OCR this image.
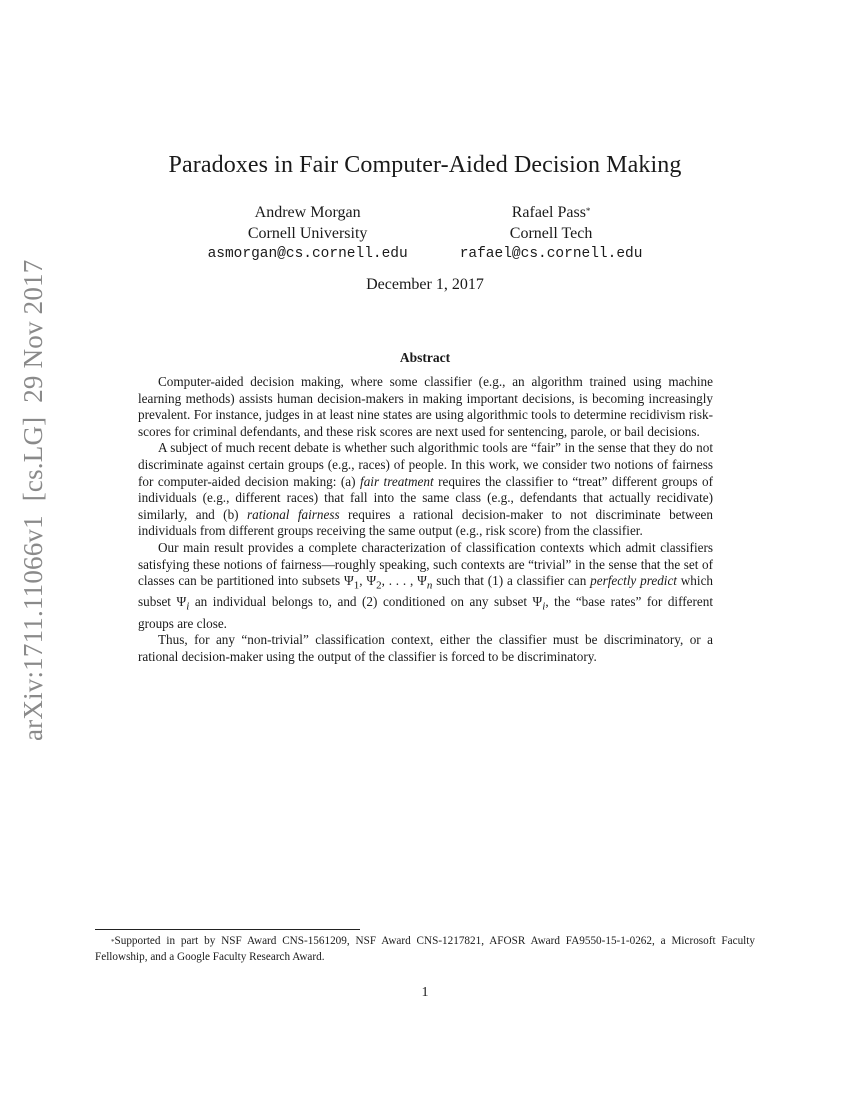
arXiv:1711.11066v1  [cs.LG]  29 Nov 2017
Paradoxes in Fair Computer-Aided Decision Making
Andrew Morgan
Cornell University
asmorgan@cs.cornell.edu
Rafael Pass*
Cornell Tech
rafael@cs.cornell.edu
December 1, 2017
Abstract

Computer-aided decision making, where some classifier (e.g., an algorithm trained using machine learning methods) assists human decision-makers in making important decisions, is becoming increasingly prevalent. For instance, judges in at least nine states are using algorithmic tools to determine recidivism risk-scores for criminal defendants, and these risk scores are next used for sentencing, parole, or bail decisions.

A subject of much recent debate is whether such algorithmic tools are “fair” in the sense that they do not discriminate against certain groups (e.g., races) of people. In this work, we consider two notions of fairness for computer-aided decision making: (a) fair treatment requires the classifier to “treat” different groups of individuals (e.g., different races) that fall into the same class (e.g., defendants that actually recidivate) similarly, and (b) rational fairness requires a rational decision-maker to not discriminate between individuals from different groups receiving the same output (e.g., risk score) from the classifier.

Our main result provides a complete characterization of classification contexts which admit classifiers satisfying these notions of fairness—roughly speaking, such contexts are “trivial” in the sense that the set of classes can be partitioned into subsets $\Psi_1$, $\Psi_2$, . . . , $\Psi_n$ such that (1) a classifier can perfectly predict which subset $\Psi_i$ an individual belongs to, and (2) conditioned on any subset $\Psi_i$, the “base rates” for different groups are close.

Thus, for any “non-trivial” classification context, either the classifier must be discriminatory, or a rational decision-maker using the output of the classifier is forced to be discriminatory.

*Supported in part by NSF Award CNS-1561209, NSF Award CNS-1217821, AFOSR Award FA9550-15-1-0262, a Microsoft Faculty Fellowship, and a Google Faculty Research Award.
1
